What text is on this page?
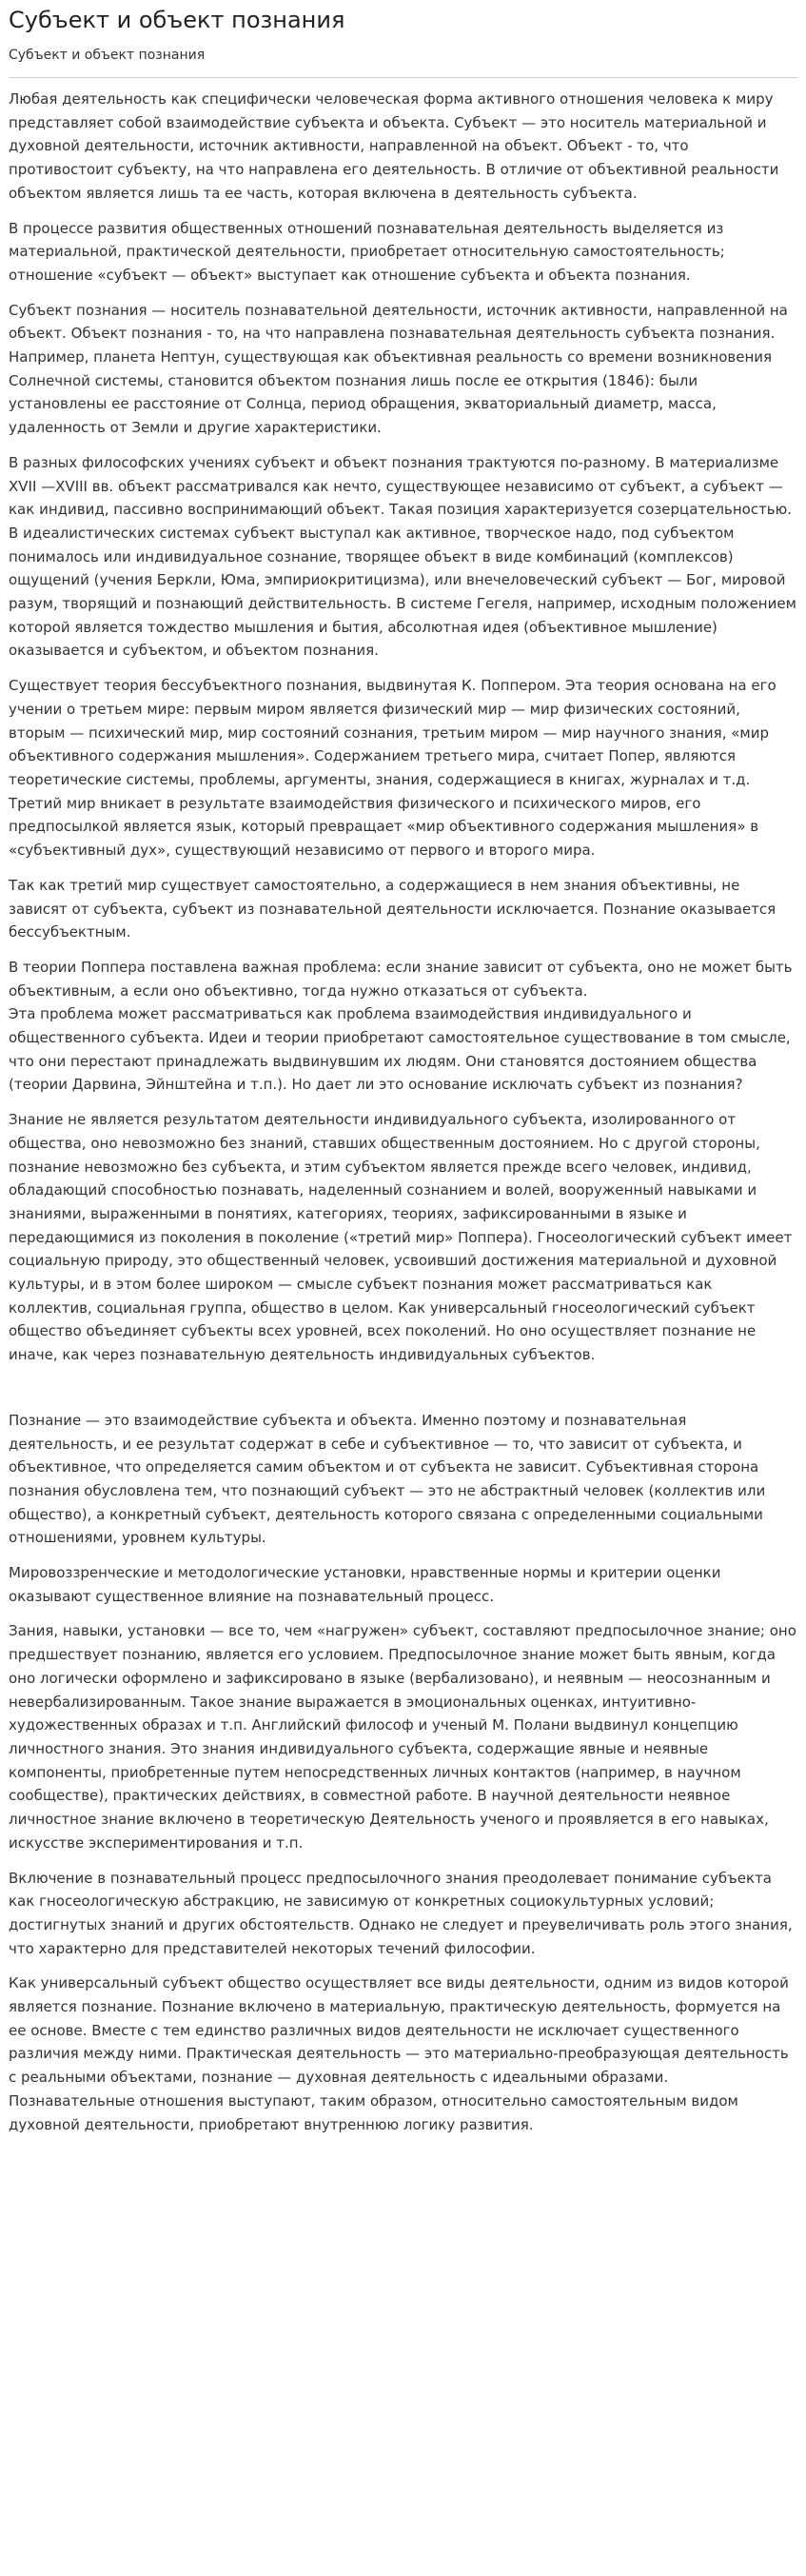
Субъект и объект познания
Субъект и объект познания

Любая деятельность как специфически человеческая форма активного отношения человека к миру представляет собой взаимодействие субъекта и объекта. Субъект — это носитель материальной и духовной деятельности, источник активности, направленной на объект. Объект - то, что противостоит субъекту, на что направлена его деятельность. В отличие от объективной реальности объектом является лишь та ее часть, которая включена в деятельность субъекта.

В процессе развития общественных отношений познавательная деятельность выделяется из материальной, практической деятельности, приобретает относительную самостоятельность; отношение «субъект — объект» выступает как отношение субъекта и объекта познания.

Субъект познания — носитель познавательной деятельности, источник активности, направленной на объект. Объект познания - то, на что направлена познавательная деятельность субъекта познания. Например, планета Нептун, существующая как объективная реальность со времени возникновения Солнечной системы, становится объектом познания лишь после ее открытия (1846): были установлены ее расстояние от Солнца, период обращения, экваториальный диаметр, масса, удаленность от Земли и другие характеристики.

В разных философских учениях субъект и объект познания трактуются по-разному. В материализме XVII —XVIII вв. объект рассматривался как нечто, существующее независимо от субъект, а субъект — как индивид, пассивно воспринимающий объект. Такая позиция характеризуется созерцательностью. В идеалистических системах субъект выступал как активное, творческое надо, под субъектом понималось или индивидуальное сознание, творящее объект в виде комбинаций (комплексов) ощущений (учения Беркли, Юма, эмпириокритицизма), или внечеловеческий субъект — Бог, мировой разум, творящий и познающий действительность. В системе Гегеля, например, исходным положением которой является тождество мышления и бытия, абсолютная идея (объективное мышление) оказывается и субъектом, и объектом познания.

Существует теория бессубъектного познания, выдвинутая К. Поппером. Эта теория основана на его учении о третьем мире: первым миром является физический мир — мир физических состояний, вторым — психический мир, мир состояний сознания, третьим миром — мир научного знания, «мир объективного содержания мышления». Содержанием третьего мира, считает Попер, являются теоретические системы, проблемы, аргументы, знания, содержащиеся в книгах, журналах и т.д. Третий мир вникает в результате взаимодействия физического и психического миров, его предпосылкой является язык, который превращает «мир объективного содержания мышления» в «субъективный дух», существующий независимо от первого и второго мира.

Так как третий мир существует самостоятельно, а содержащиеся в нем знания объективны, не зависят от субъекта, субъект из познавательной деятельности исключается. Познание оказывается бессубъектным.

В теории Поппера поставлена важная проблема: если знание зависит от субъекта, оно не может быть объективным, а если оно объективно, тогда нужно отказаться от субъекта.

Эта проблема может рассматриваться как проблема взаимодействия индивидуального и общественного субъекта. Идеи и теории приобретают самостоятельное существование в том смысле, что они перестают принадлежать выдвинувшим их людям. Они становятся достоянием общества (теории Дарвина, Эйнштейна и т.п.). Но дает ли это основание исключать субъект из познания?

Знание не является результатом деятельности индивидуального субъекта, изолированного от общества, оно невозможно без знаний, ставших общественным достоянием. Но с другой стороны, познание невозможно без субъекта, и этим субъектом является прежде всего человек, индивид, обладающий способностью познавать, наделенный сознанием и волей, вооруженный навыками и знаниями, выраженными в понятиях, категориях, теориях, зафиксированными в языке и передающимися из поколения в поколение («третий мир» Поппера). Гносеологический субъект имеет социальную природу, это общественный человек, усвоивший достижения материальной и духовной культуры, и в этом более широком — смысле субъект познания может рассматриваться как коллектив, социальная группа, общество в целом. Как универсальный гносеологический субъект общество объединяет субъекты всех уровней, всех поколений. Но оно осуществляет познание не иначе, как через познавательную деятельность индивидуальных субъектов.

Познание — это взаимодействие субъекта и объекта. Именно поэтому и познавательная деятельность, и ее результат содержат в себе и субъективное — то, что зависит от субъекта, и объективное, что определяется самим объектом и от субъекта не зависит. Субъективная сторона познания обусловлена тем, что познающий субъект — это не абстрактный человек (коллектив или общество), а конкретный субъект, деятельность которого связана с определенными социальными отношениями, уровнем культуры.

Мировоззренческие и методологические установки, нравственные нормы и критерии оценки оказывают существенное влияние на познавательный процесс.

Зания, навыки, установки — все то, чем «нагружен» субъект, составляют предпосылочное знание; оно предшествует познанию, является его условием. Предпосылочное знание может быть явным, когда оно логически оформлено и зафиксировано в языке (вербализовано), и неявным — неосознанным и невербализированным. Такое знание выражается в эмоциональных оценках, интуитивно-художественных образах и т.п. Английский философ и ученый М. Полани выдвинул концепцию личностного знания. Это знания индивидуального субъекта, содержащие явные и неявные компоненты, приобретенные путем непосредственных личных контактов (например, в научном сообществе), практических действиях, в совместной работе. В научной деятельности неявное личностное знание включено в теоретическую Деятельность ученого и проявляется в его навыках, искусстве экспериментирования и т.п.

Включение в познавательный процесс предпосылочного знания преодолевает понимание субъекта как гносеологическую абстракцию, не зависимую от конкретных социокультурных условий; достигнутых знаний и других обстоятельств. Однако не следует и преувеличивать роль этого знания, что характерно для представителей некоторых течений философии.

Как универсальный субъект общество осуществляет все виды деятельности, одним из видов которой является познание. Познание включено в материальную, практическую деятельность, формуется на ее основе. Вместе с тем единство различных видов деятельности не исключает существенного различия между ними. Практическая деятельность — это материально-преобразующая деятельность с реальными объектами, познание — духовная деятельность с идеальными образами. Познавательные отношения выступают, таким образом, относительно самостоятельным видом духовной деятельности, приобретают внутреннюю логику развития.
